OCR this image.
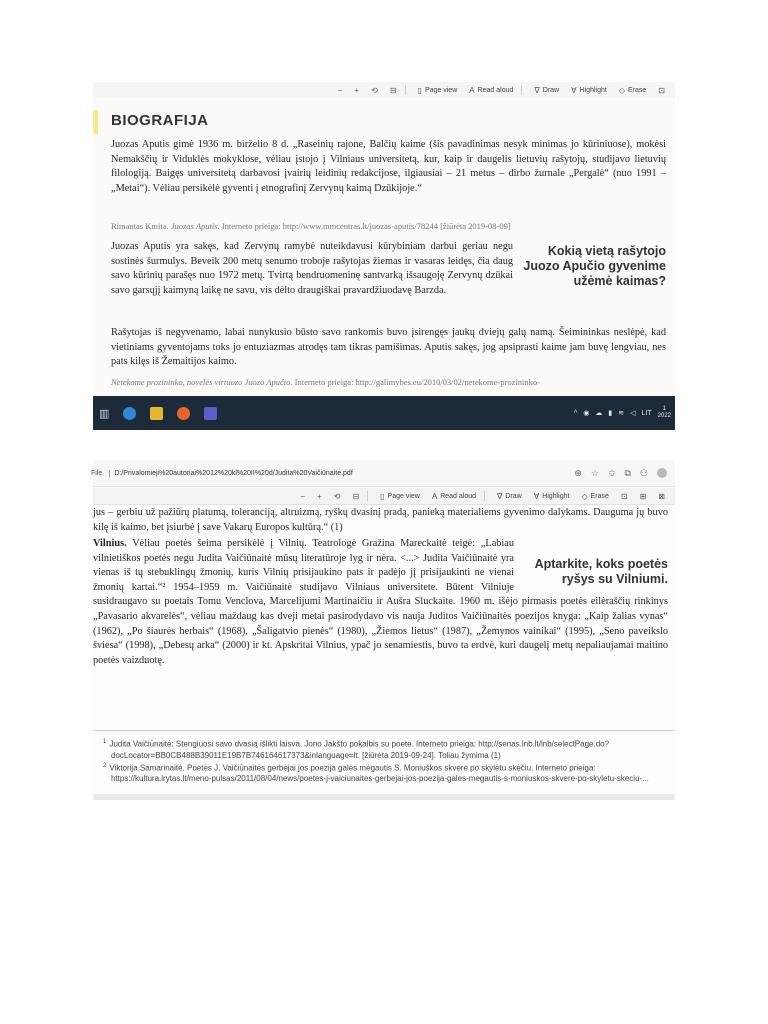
− + ⟲ ⊟	▯ Page view A Read aloud	∇ Draw ∀ Highlight ◇ Erase ⊡
BIOGRAFIJA

Juozas Aputis gimė 1936 m. birželio 8 d. „Raseinių rajone, Balčių kaime (šis pavadinimas nesyk minimas jo kūriniuose), mokėsi Nemakščių ir Viduklės mokyklose, vėliau įstojo į Vilniaus universitetą, kur, kaip ir daugelis lietuvių rašytojų, studijavo lietuvių filologiją. Baigęs universitetą darbavosi įvairių leidinių redakcijose, ilgiausiai – 21 metus – dirbo žurnale „Pergalė“ (nuo 1991 – „Metai“). Vėliau persikėlė gyventi į etnografinį Zervynų kaimą Dzūkijoje.“

Rimantas Kmita. Juozas Aputis. Interneto prieiga: http://www.mmcentras.lt/juozas-aputis/78244 [žiūrėta 2019-08-09]

Juozas Aputis yra sakęs, kad Zervynų ramybė nuteikdavusi kūrybiniam darbui geriau negu sostinės šurmulys. Beveik 200 metų senumo troboje rašytojas žiemas ir vasaras leidęs, čia daug savo kūrinių parašęs nuo 1972 metų. Tvirtą bendruomeninę santvarką išsaugoję Zervynų dzūkai savo garsųjį kaimyną laikę ne savu, vis dėlto draugiškai pravardžiuodavę Barzda.

Kokią vietą rašytojo Juozo Apučio gyvenime užėmė kaimas?

Rašytojas iš negyvenamo, labai nunykusio būsto savo rankomis buvo įsirengęs jaukų dviejų galų namą. Šeimininkas neslėpė, kad vietiniams gyventojams toks jo entuziazmas atrodęs tam tikras pamišimas. Aputis sakęs, jog apsiprasti kaime jam buvę lengviau, nes pats kilęs iš Žemaitijos kaimo.

Netekome prozininko, novelės virtuozo Juozo Apučio. Interneto prieiga: http://galimybes.eu/2010/03/02/netekome-prozininko-
▥	^ ◉ ☁ ▮ ≋ ◁ LIT
1
2022
File | D:/Privalomieji%20autoriai%2012%20kl%20II%20d/Judita%20Vaičiūnaitė.pdf	⊕ ☆ ✩ ⧉ ⚇
− + ⟲ ⊟	▯ Page view A Read aloud	∇ Draw ∀ Highlight ◇ Erase ⊡ ⊞ ⊠

jus – gerbiu už pažiūrų platumą, toleranciją, altruizmą, ryškų dvasinį pradą, panieką materialiems gyvenimo dalykams. Dauguma jų buvo kilę iš kaimo, bet įsiurbė į save Vakarų Europos kultūrą.“ (1)

Aptarkite, koks poetės ryšys su Vilniumi.

Vilnius. Vėliau poetės šeima persikėlė į Vilnių. Teatrologė Gražina Mareckaitė teigė: „Labiau vilnietiškos poetės negu Judita Vaičiūnaitė mūsų literatūroje lyg ir nėra. <...> Judita Vaičiūnaitė yra vienas iš tų stebuklingų žmonių, kuris Vilnių prisijaukino pats ir padėjo jį prisijaukinti ne vienai žmonių kartai.“² 1954–1959 m. Vaičiūnaitė studijavo Vilniaus universitete. Būtent Vilniuje susidraugavo su poetais Tomu Venclova, Marcelijumi Martinaičiu ir Aušra Sluckaite. 1960 m. išėjo pirmasis poetės eilėraščių rinkinys „Pavasario akvarelės“, vėliau maždaug kas dveji metai pasirodydavo vis nauja Juditos Vaičiūnaitės poezijos knyga: „Kaip žalias vynas“ (1962), „Po šiaurės herbais“ (1968), „Šaligatvio pienės“ (1980), „Žiemos lietus“ (1987), „Žemynos vainikai“ (1995), „Seno paveikslo šviesa“ (1998), „Debesų arka“ (2000) ir kt. Apskritai Vilnius, ypač jo senamiestis, buvo ta erdvė, kuri daugelį metų nepaliaujamai maitino poetės vaizduotę.

$^1$ Judita Vaičiūnaitė: Stengiuosi savo dvasią išlikti laisva. Jono Jakšto pokalbis su poete. Interneto prieiga: http://senas.lnb.lt/lnb/selectPage.do?docLocator=BB0CB488B39011E19B7B746164617373&inlanguage=lt. [žiūrėta 2019-09-24]. Toliau žymima (1)
$^2$ Viktorija Samarinaitė. Poetės J. Vaičiūnaitės gerbėjai jos poezija galės mėgautis S. Moniuškos skvere po skylėtu skėčiu. Interneto prieiga: https://kultura.lrytas.lt/meno-pulsas/2011/08/04/news/poetes-j-vaiciunaites-gerbejai-jos-poezija-gales-megautis-s-moniuskos-skvere-po-skyletu-skeciu-...
